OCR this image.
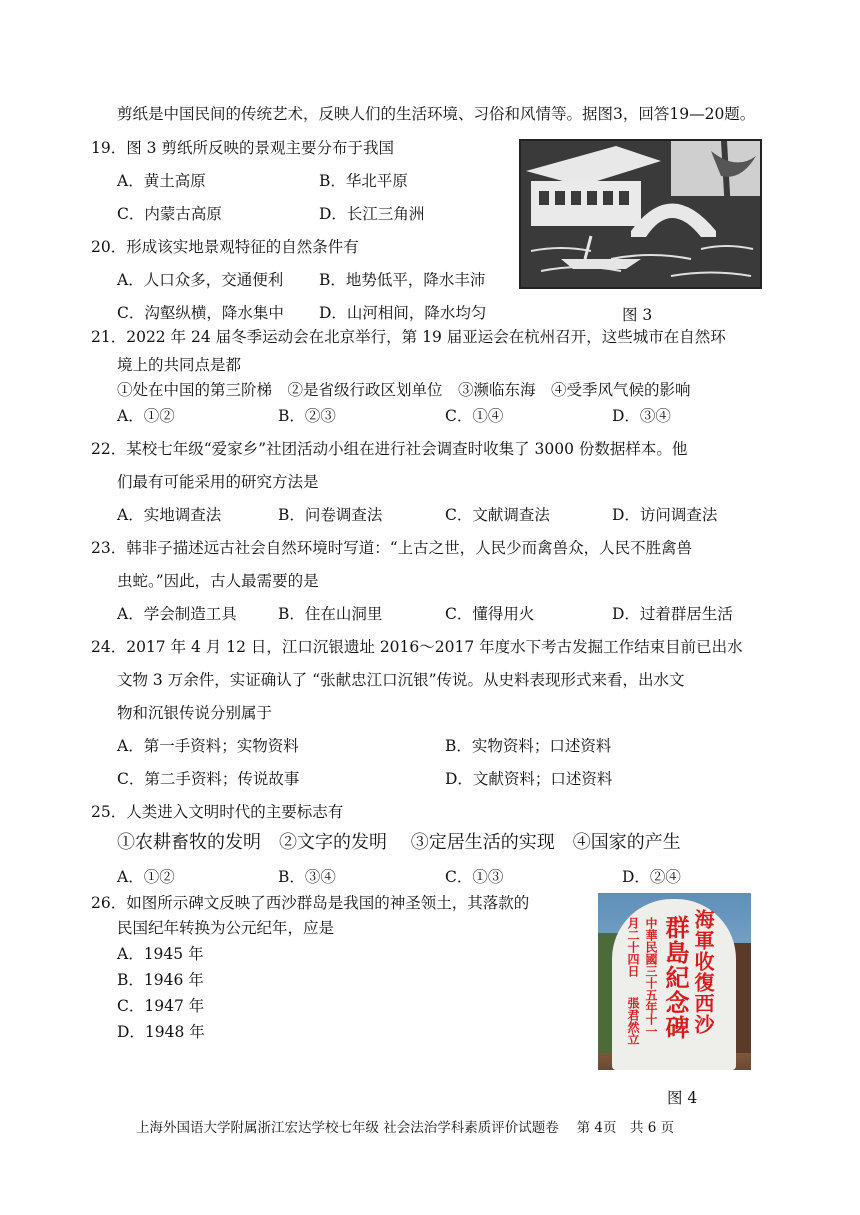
剪纸是中国民间的传统艺术，反映人们的生活环境、习俗和风情等。据图3，回答19—20题。
19．图 3 剪纸所反映的景观主要分布于我国
A．黄土高原	B．华北平原
C．内蒙古高原	D．长江三角洲
20．形成该实地景观特征的自然条件有
A．人口众多，交通便利 B．地势低平，降水丰沛
C．沟壑纵横，降水集中 D．山河相间，降水均匀	图 3
21．2022 年 24 届冬季运动会在北京举行，第 19 届亚运会在杭州召开，这些城市在自然环
境上的共同点是都
①处在中国的第三阶梯　②是省级行政区划单位　③濒临东海　④受季风气候的影响
A．①②	B．②③	C．①④	D．③④
22．某校七年级“爱家乡”社团活动小组在进行社会调查时收集了 3000 份数据样本。他
们最有可能采用的研究方法是
A．实地调查法	B．问卷调查法	C．文献调查法	D．访问调查法
23．韩非子描述远古社会自然环境时写道：“上古之世，人民少而禽兽众，人民不胜禽兽
虫蛇。”因此，古人最需要的是
A．学会制造工具	B．住在山洞里	C．懂得用火	D．过着群居生活
24．2017 年 4 月 12 日，江口沉银遗址 2016～2017 年度水下考古发掘工作结束目前已出水
文物 3 万余件，实证确认了 “张献忠江口沉银”传说。从史料表现形式来看，出水文
物和沉银传说分别属于
A．第一手资料；实物资料	B．实物资料；口述资料
C．第二手资料；传说故事	D．文献资料；口述资料
25．人类进入文明时代的主要标志有
①农耕畜牧的发明　②文字的发明　 ③定居生活的实现　④国家的产生
A．①②	B．③④	C．①③	D．②④
26．如图所示碑文反映了西沙群岛是我国的神圣领土，其落款的
民国纪年转换为公元纪年，应是
A．1945 年
B．1946 年
C．1947 年
D．1948 年	海軍收復西沙
群島紀念碑
中華民國三十五年十一
月二十四日
張君然立
图 4
上海外国语大学附属浙江宏达学校七年级 社会法治学科素质评价试题卷　 第 4页　共 6 页
